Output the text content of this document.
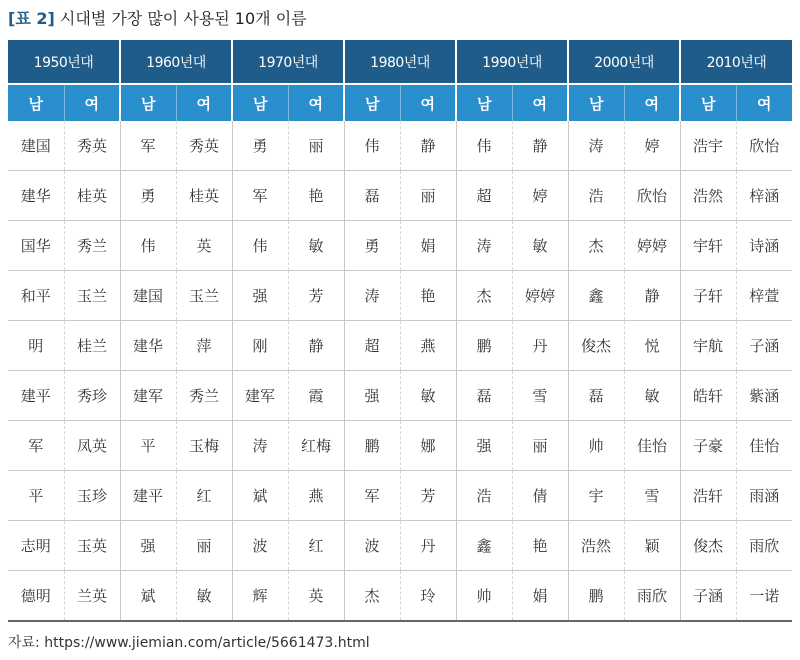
[표 2] 시대별 가장 많이 사용된 10개 이름
1950년대		1960년대		1970년대		1980년대		1990년대		2000년대		2010년대	
남	여	남	여	남	여	남	여	남	여	남	여	남	여
建国	秀英	军	秀英	勇	丽	伟	静	伟	静	涛	婷	浩宇	欣怡
建华	桂英	勇	桂英	军	艳	磊	丽	超	婷	浩	欣怡	浩然	梓涵
国华	秀兰	伟	英	伟	敏	勇	娟	涛	敏	杰	婷婷	宇轩	诗涵
和平	玉兰	建国	玉兰	强	芳	涛	艳	杰	婷婷	鑫	静	子轩	梓萱
明	桂兰	建华	萍	刚	静	超	燕	鹏	丹	俊杰	悦	宇航	子涵
建平	秀珍	建军	秀兰	建军	霞	强	敏	磊	雪	磊	敏	皓轩	紫涵
军	凤英	平	玉梅	涛	红梅	鹏	娜	强	丽	帅	佳怡	子豪	佳怡
平	玉珍	建平	红	斌	燕	军	芳	浩	倩	宇	雪	浩轩	雨涵
志明	玉英	强	丽	波	红	波	丹	鑫	艳	浩然	颖	俊杰	雨欣
德明	兰英	斌	敏	辉	英	杰	玲	帅	娟	鹏	雨欣	子涵	一诺
자료: https://www.jiemian.com/article/5661473.html
